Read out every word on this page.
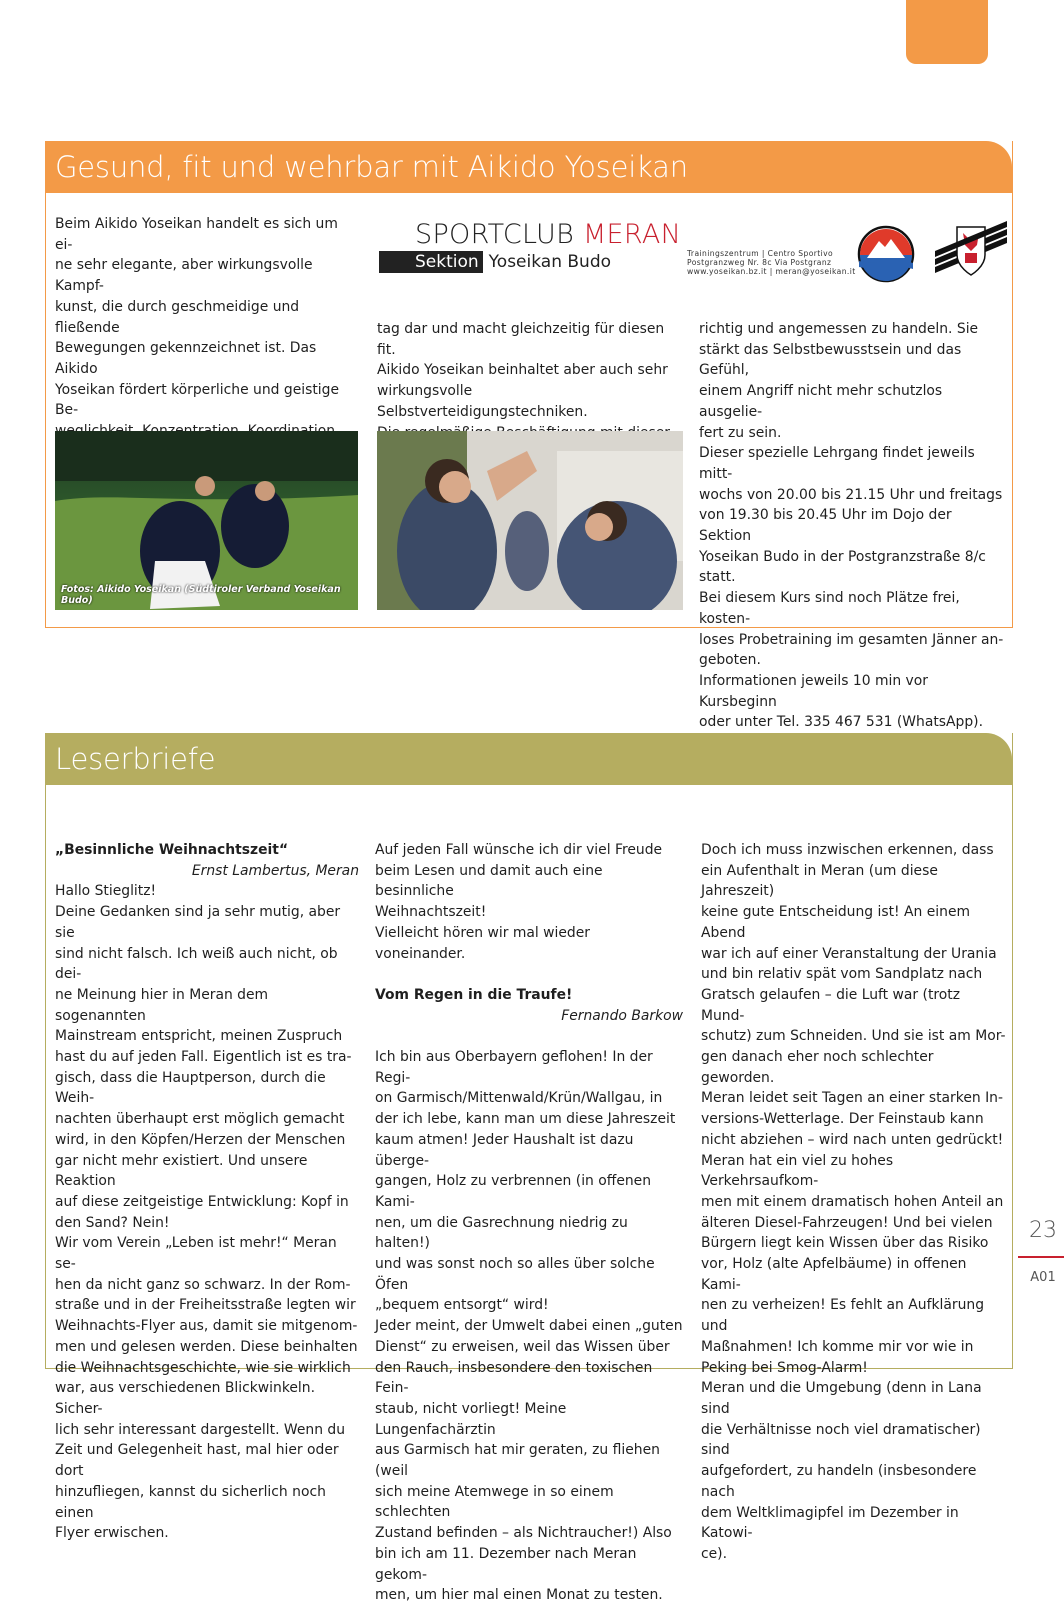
Gesund, fit und wehrbar mit Aikido Yoseikan

Beim Aikido Yoseikan handelt es sich um ei-
ne sehr elegante, aber wirkungsvolle Kampf-
kunst, die durch geschmeidige und fließende
Bewegungen gekennzeichnet ist. Das Aikido
Yoseikan fördert körperliche und geistige Be-

SPORTCLUB MERAN
Sektion Yoseikan Budo	Trainingszentrum | Centro Sportivo
Postgranzweg Nr. 8c Via Postgranz
www.yoseikan.bz.it | meran@yoseikan.it

tag dar und macht gleichzeitig für diesen fit.
Aikido Yoseikan beinhaltet aber auch sehr
wirkungsvolle Selbstverteidigungstechniken.

richtig und angemessen zu handeln. Sie
stärkt das Selbstbewusstsein und das Gefühl,
einem Angriff nicht mehr schutzlos ausgelie-
fert zu sein.
Dieser spezielle Lehrgang findet jeweils mitt-
wochs von 20.00 bis 21.15 Uhr und freitags
von 19.30 bis 20.45 Uhr im Dojo der Sektion
Yoseikan Budo in der Postgranzstraße 8/c
statt.
Bei diesem Kurs sind noch Plätze frei, kosten-
loses Probetraining im gesamten Jänner an-
geboten.
Informationen jeweils 10 min vor Kursbeginn
oder unter Tel. 335 467 531 (WhatsApp).

Fotos: Aikido Yoseikan (Südtiroler Verband Yoseikan Budo)
Leserbriefe

„Besinnliche Weihnachtszeit“

Ernst Lambertus, Meran

Hallo Stieglitz!
Deine Gedanken sind ja sehr mutig, aber sie
sind nicht falsch. Ich weiß auch nicht, ob dei-
ne Meinung hier in Meran dem sogenannten
Mainstream entspricht, meinen Zuspruch
hast du auf jeden Fall. Eigentlich ist es tra-
gisch, dass die Hauptperson, durch die Weih-
nachten überhaupt erst möglich gemacht
wird, in den Köpfen/Herzen der Menschen
gar nicht mehr existiert. Und unsere Reaktion
auf diese zeitgeistige Entwicklung: Kopf in
den Sand? Nein!
Wir vom Verein „Leben ist mehr!“ Meran se-
hen da nicht ganz so schwarz. In der Rom-
straße und in der Freiheitsstraße legten wir
Weihnachts-Flyer aus, damit sie mitgenom-
men und gelesen werden. Diese beinhalten
die Weihnachtsgeschichte, wie sie wirklich
war, aus verschiedenen Blickwinkeln. Sicher-
lich sehr interessant dargestellt. Wenn du
Zeit und Gelegenheit hast, mal hier oder dort
hinzufliegen, kannst du sicherlich noch einen
Flyer erwischen.

Auf jeden Fall wünsche ich dir viel Freude
beim Lesen und damit auch eine besinnliche
Weihnachtszeit!
Vielleicht hören wir mal wieder voneinander.

Vom Regen in die Traufe!

Fernando Barkow

Ich bin aus Oberbayern geflohen! In der Regi-
on Garmisch/Mittenwald/Krün/Wallgau, in
der ich lebe, kann man um diese Jahreszeit
kaum atmen! Jeder Haushalt ist dazu überge-
gangen, Holz zu verbrennen (in offenen Kami-
nen, um die Gasrechnung niedrig zu halten!)
und was sonst noch so alles über solche Öfen
„bequem entsorgt“ wird!
Jeder meint, der Umwelt dabei einen „guten
Dienst“ zu erweisen, weil das Wissen über
den Rauch, insbesondere den toxischen Fein-
staub, nicht vorliegt! Meine Lungenfachärztin
aus Garmisch hat mir geraten, zu fliehen (weil
sich meine Atemwege in so einem schlechten
Zustand befinden – als Nichtraucher!) Also
bin ich am 11. Dezember nach Meran gekom-
men, um hier mal einen Monat zu testen.

Doch ich muss inzwischen erkennen, dass
ein Aufenthalt in Meran (um diese Jahreszeit)
keine gute Entscheidung ist! An einem Abend
war ich auf einer Veranstaltung der Urania
und bin relativ spät vom Sandplatz nach
Gratsch gelaufen – die Luft war (trotz Mund-
schutz) zum Schneiden. Und sie ist am Mor-
gen danach eher noch schlechter geworden.
Meran leidet seit Tagen an einer starken In-
versions-Wetterlage. Der Feinstaub kann
nicht abziehen – wird nach unten gedrückt!
Meran hat ein viel zu hohes Verkehrsaufkom-
men mit einem dramatisch hohen Anteil an
älteren Diesel-Fahrzeugen! Und bei vielen
Bürgern liegt kein Wissen über das Risiko
vor, Holz (alte Apfelbäume) in offenen Kami-
nen zu verheizen! Es fehlt an Aufklärung und
Maßnahmen! Ich komme mir vor wie in
Peking bei Smog-Alarm!
Meran und die Umgebung (denn in Lana sind
die Verhältnisse noch viel dramatischer) sind
aufgefordert, zu handeln (insbesondere nach
dem Weltklimagipfel im Dezember in Katowi-
ce).

23
A01
